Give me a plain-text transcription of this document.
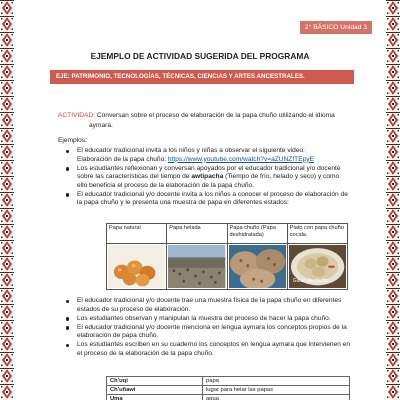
2° BÁSICO Unidad 3
EJEMPLO DE ACTIVIDAD SUGERIDA DEL PROGRAMA
EJE: PATRIMONIO, TECNOLOGÍAS, TÉCNICAS, CIENCIAS Y ARTES ANCESTRALES.
ACTIVIDAD: Conversan sobre el proceso de elaboración de la papa chuño utilizando el idioma
aymara.
Ejemplos:
El educador tradicional invita a los niños y niñas a observar el siguiente video:
Elaboración de la papa chuño: https://www.youtube.com/watch?v=aZUNZfTEpyE
Los estudiantes reflexionan y conversan apoyados por el educador tradicional y/o docente sobre las características del tiempo de awtipacha (Tiempo de frío, helado y seco) y como ello beneficia el proceso de la elaboración de la papa chuño.
El educador tradicional y/o docente invita a los niños a conocer el proceso de elaboración de la papa chuño y le presenta una muestra de papa en diferentes estados:
Papa natural	Papa helada	Papa chuño (Papa deshidratada)	Plato con papa chuño cocida.

Guiso de chuño
El educador tradicional y/o docente trae una muestra física de la papa chuño en diferentes estados de su proceso de elaboración.
Los estudiantes observan y manipulan la muestra del proceso de hacer la papa chuño.
El educador tradicional y/o docente menciona en lengua aymara los conceptos propios de la elaboración de papa chuño.
Los estudiantes escriben en su cuaderno los conceptos en lengua aymara que intervienen en el proceso de la elaboración de la papa chuño.
Ch'uqi	papa
Ch'uñawi	lugar para helar las papas
Uma	agua
